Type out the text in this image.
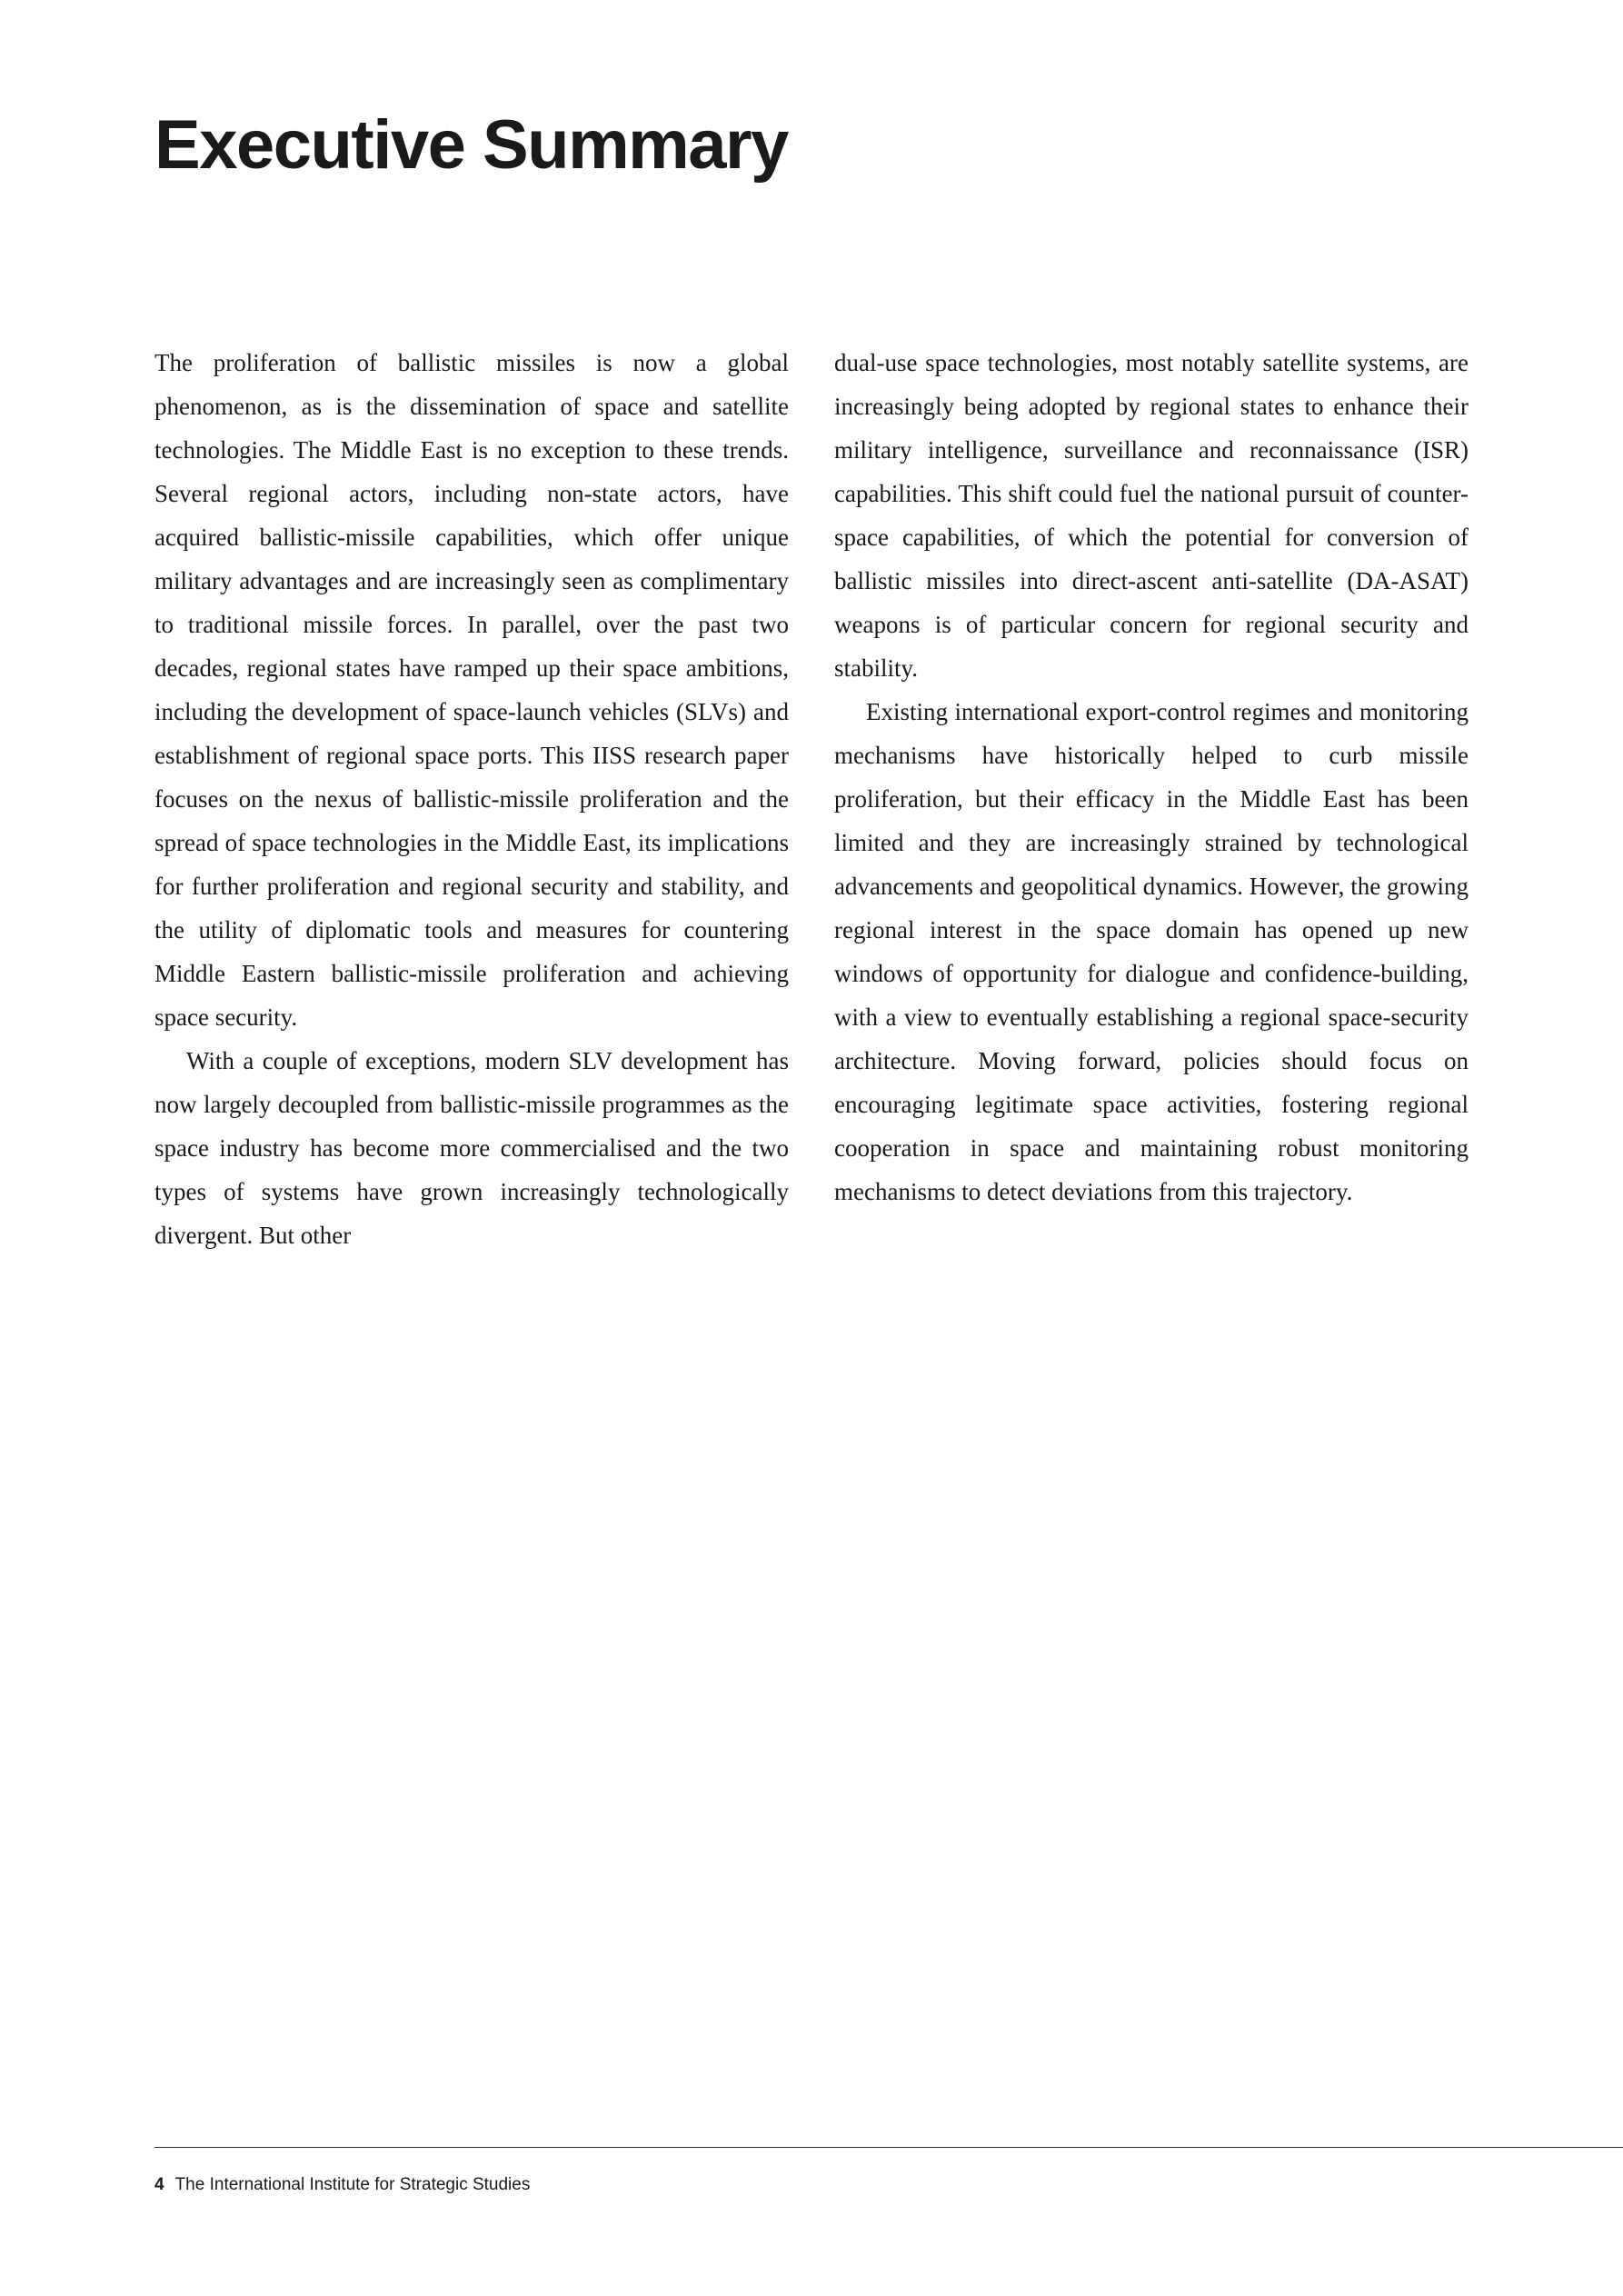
Executive Summary

The proliferation of ballistic missiles is now a global phenomenon, as is the dissemination of space and satellite technologies. The Middle East is no exception to these trends. Several regional actors, including non-state actors, have acquired ballistic-missile capabilities, which offer unique military advantages and are increasingly seen as complimentary to traditional missile forces. In parallel, over the past two decades, regional states have ramped up their space ambitions, including the development of space-launch vehicles (SLVs) and establishment of regional space ports. This IISS research paper focuses on the nexus of ballistic-missile proliferation and the spread of space technologies in the Middle East, its implications for further proliferation and regional security and stability, and the utility of diplomatic tools and measures for countering Middle Eastern ballistic-missile proliferation and achieving space security.

With a couple of exceptions, modern SLV development has now largely decoupled from ballistic-missile programmes as the space industry has become more commercialised and the two types of systems have grown increasingly technologically divergent. But other

dual-use space technologies, most notably satellite systems, are increasingly being adopted by regional states to enhance their military intelligence, surveillance and reconnaissance (ISR) capabilities. This shift could fuel the national pursuit of counter-space capabilities, of which the potential for conversion of ballistic missiles into direct-ascent anti-satellite (DA-ASAT) weapons is of particular concern for regional security and stability.

Existing international export-control regimes and monitoring mechanisms have historically helped to curb missile proliferation, but their efficacy in the Middle East has been limited and they are increasingly strained by technological advancements and geopolitical dynamics. However, the growing regional interest in the space domain has opened up new windows of opportunity for dialogue and confidence-building, with a view to eventually establishing a regional space-security architecture. Moving forward, policies should focus on encouraging legitimate space activities, fostering regional cooperation in space and maintaining robust monitoring mechanisms to detect deviations from this trajectory.

4 The International Institute for Strategic Studies
